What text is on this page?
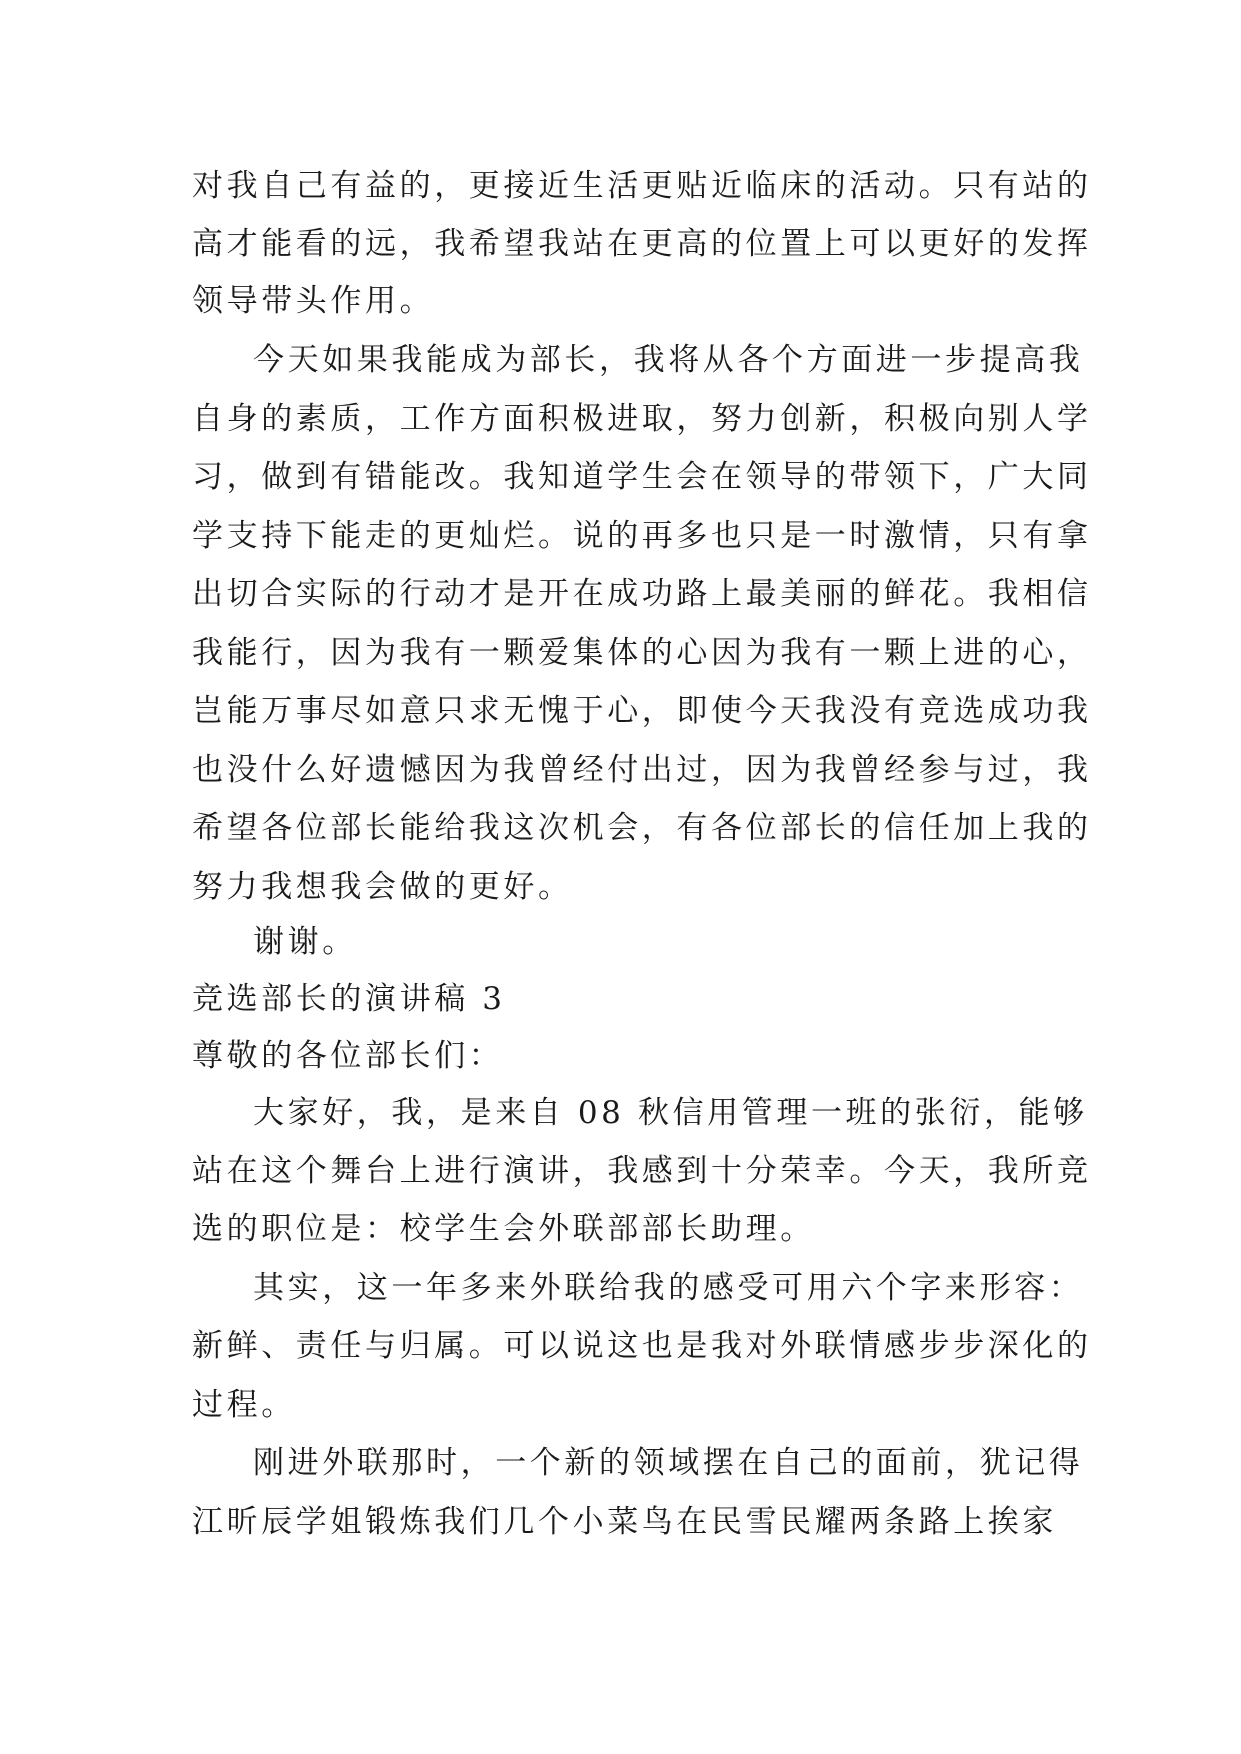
对我自己有益的，更接近生活更贴近临床的活动。只有站的
高才能看的远，我希望我站在更高的位置上可以更好的发挥
领导带头作用。
今天如果我能成为部长，我将从各个方面进一步提高我
自身的素质，工作方面积极进取，努力创新，积极向别人学
习，做到有错能改。我知道学生会在领导的带领下，广大同
学支持下能走的更灿烂。说的再多也只是一时激情，只有拿
出切合实际的行动才是开在成功路上最美丽的鲜花。我相信
我能行，因为我有一颗爱集体的心因为我有一颗上进的心，
岂能万事尽如意只求无愧于心，即使今天我没有竞选成功我
也没什么好遗憾因为我曾经付出过，因为我曾经参与过，我
希望各位部长能给我这次机会，有各位部长的信任加上我的
努力我想我会做的更好。
谢谢。
竞选部长的演讲稿 3
尊敬的各位部长们：
大家好，我，是来自 08 秋信用管理一班的张衍，能够
站在这个舞台上进行演讲，我感到十分荣幸。今天，我所竞
选的职位是：校学生会外联部部长助理。
其实，这一年多来外联给我的感受可用六个字来形容：
新鲜、责任与归属。可以说这也是我对外联情感步步深化的
过程。
刚进外联那时，一个新的领域摆在自己的面前，犹记得
江昕辰学姐锻炼我们几个小菜鸟在民雪民耀两条路上挨家
